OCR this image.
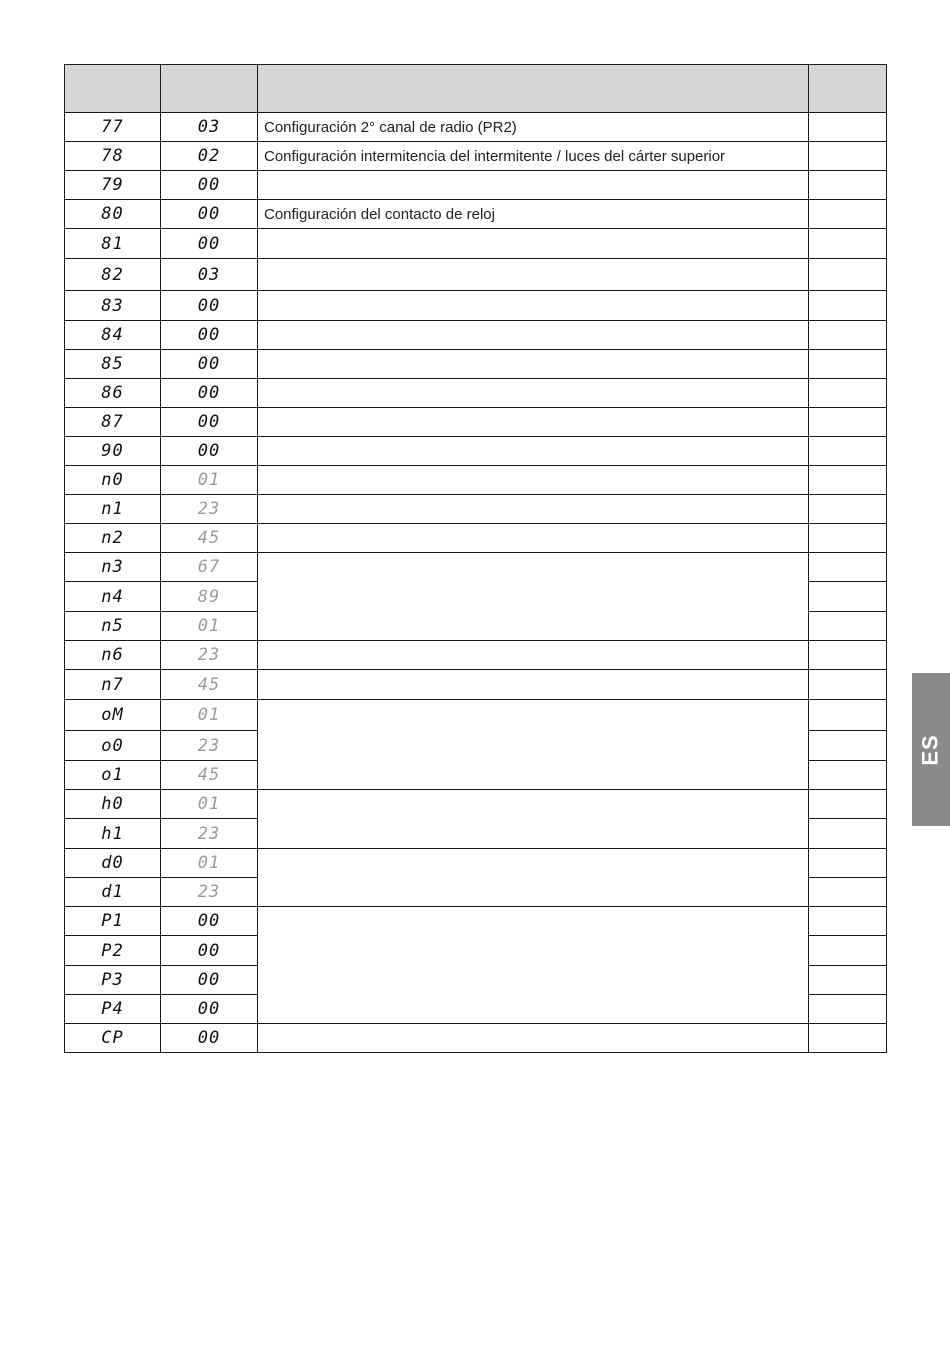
77	03	Configuración 2° canal de radio (PR2)	
78	02	Configuración intermitencia del intermitente / luces del cárter superior	
79	00		
80	00	Configuración del contacto de reloj	
81	00		
82	03		
83	00		
84	00		
85	00		
86	00		
87	00		
90	00		
n0	01		
n1	23		
n2	45		
n3	67		
n4	89		
n5	01		
n6	23		
n7	45		
oM	01		
o0	23		
o1	45		
h0	01		
h1	23		
d0	01		
d1	23		
P1	00		
P2	00		
P3	00		
P4	00		
CP	00		
ES
